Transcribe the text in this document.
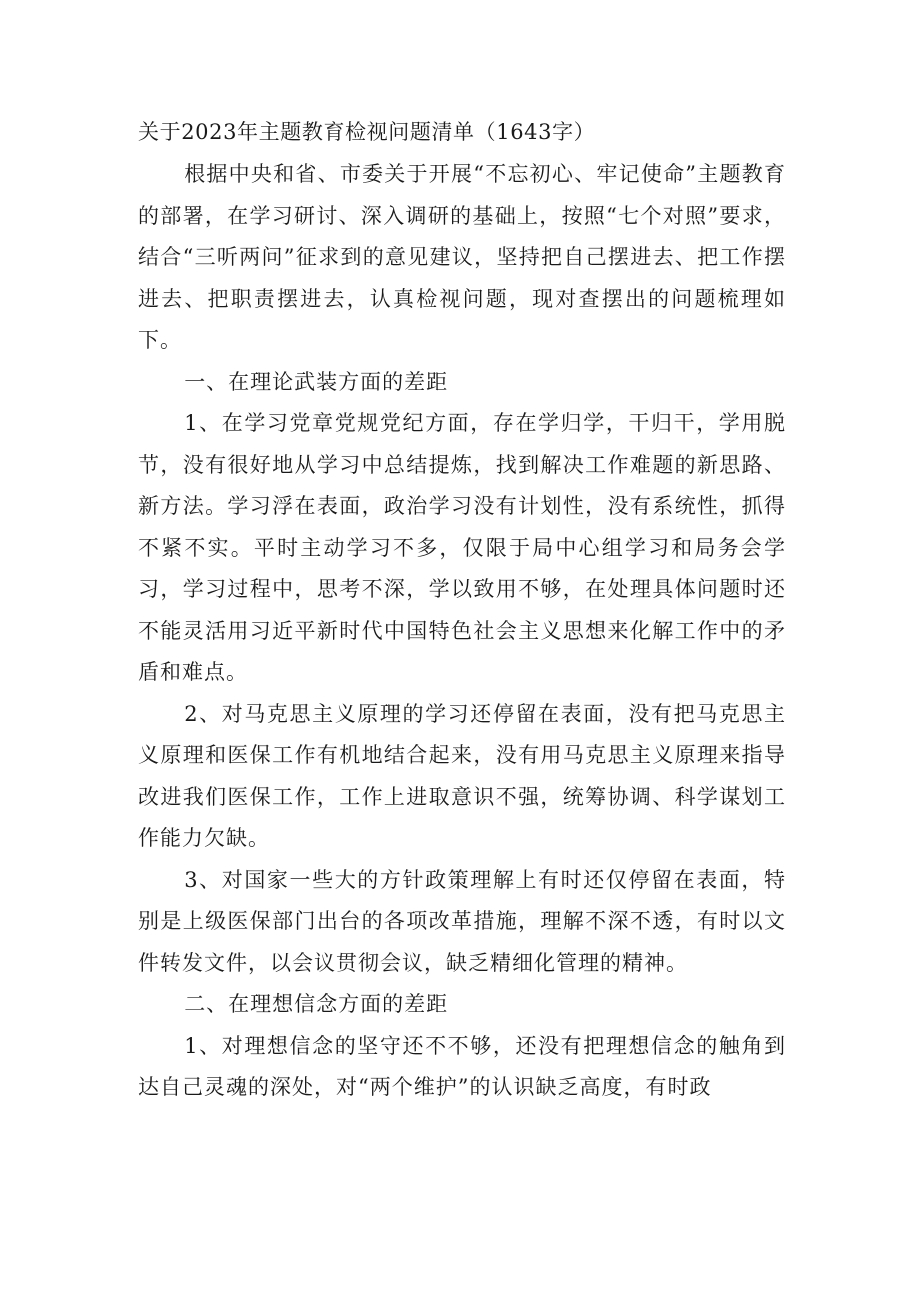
关于2023年主题教育检视问题清单（1643字）

根据中央和省、市委关于开展“不忘初心、牢记使命”主题教育的部署，在学习研讨、深入调研的基础上，按照“七个对照”要求，结合“三听两问”征求到的意见建议，坚持把自己摆进去、把工作摆进去、把职责摆进去，认真检视问题，现对查摆出的问题梳理如下。

一、在理论武装方面的差距

1、在学习党章党规党纪方面，存在学归学，干归干，学用脱节，没有很好地从学习中总结提炼，找到解决工作难题的新思路、新方法。学习浮在表面，政治学习没有计划性，没有系统性，抓得不紧不实。平时主动学习不多，仅限于局中心组学习和局务会学习，学习过程中，思考不深，学以致用不够，在处理具体问题时还不能灵活用习近平新时代中国特色社会主义思想来化解工作中的矛盾和难点。

2、对马克思主义原理的学习还停留在表面，没有把马克思主义原理和医保工作有机地结合起来，没有用马克思主义原理来指导改进我们医保工作，工作上进取意识不强，统筹协调、科学谋划工作能力欠缺。

3、对国家一些大的方针政策理解上有时还仅停留在表面，特别是上级医保部门出台的各项改革措施，理解不深不透，有时以文件转发文件，以会议贯彻会议，缺乏精细化管理的精神。

二、在理想信念方面的差距

1、对理想信念的坚守还不不够，还没有把理想信念的触角到达自己灵魂的深处，对“两个维护”的认识缺乏高度，有时政
